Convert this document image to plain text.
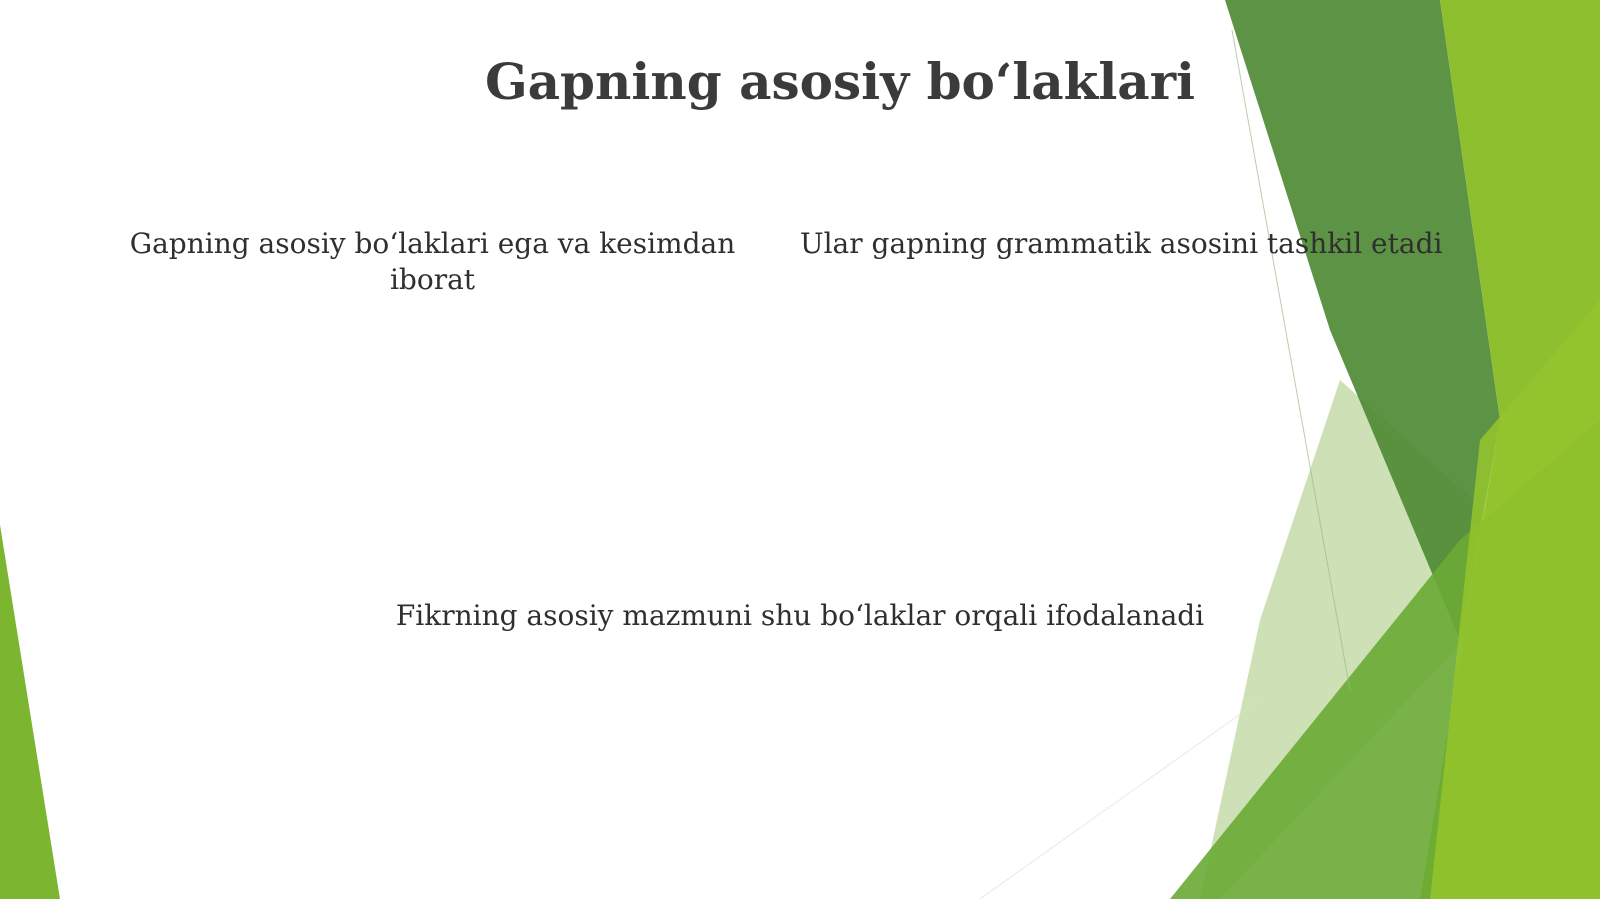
Gapning asosiy bo‘laklari
Gapning asosiy bo‘laklari ega va kesimdan iborat
Ular gapning grammatik asosini tashkil etadi
Fikrning asosiy mazmuni shu bo‘laklar orqali ifodalanadi
